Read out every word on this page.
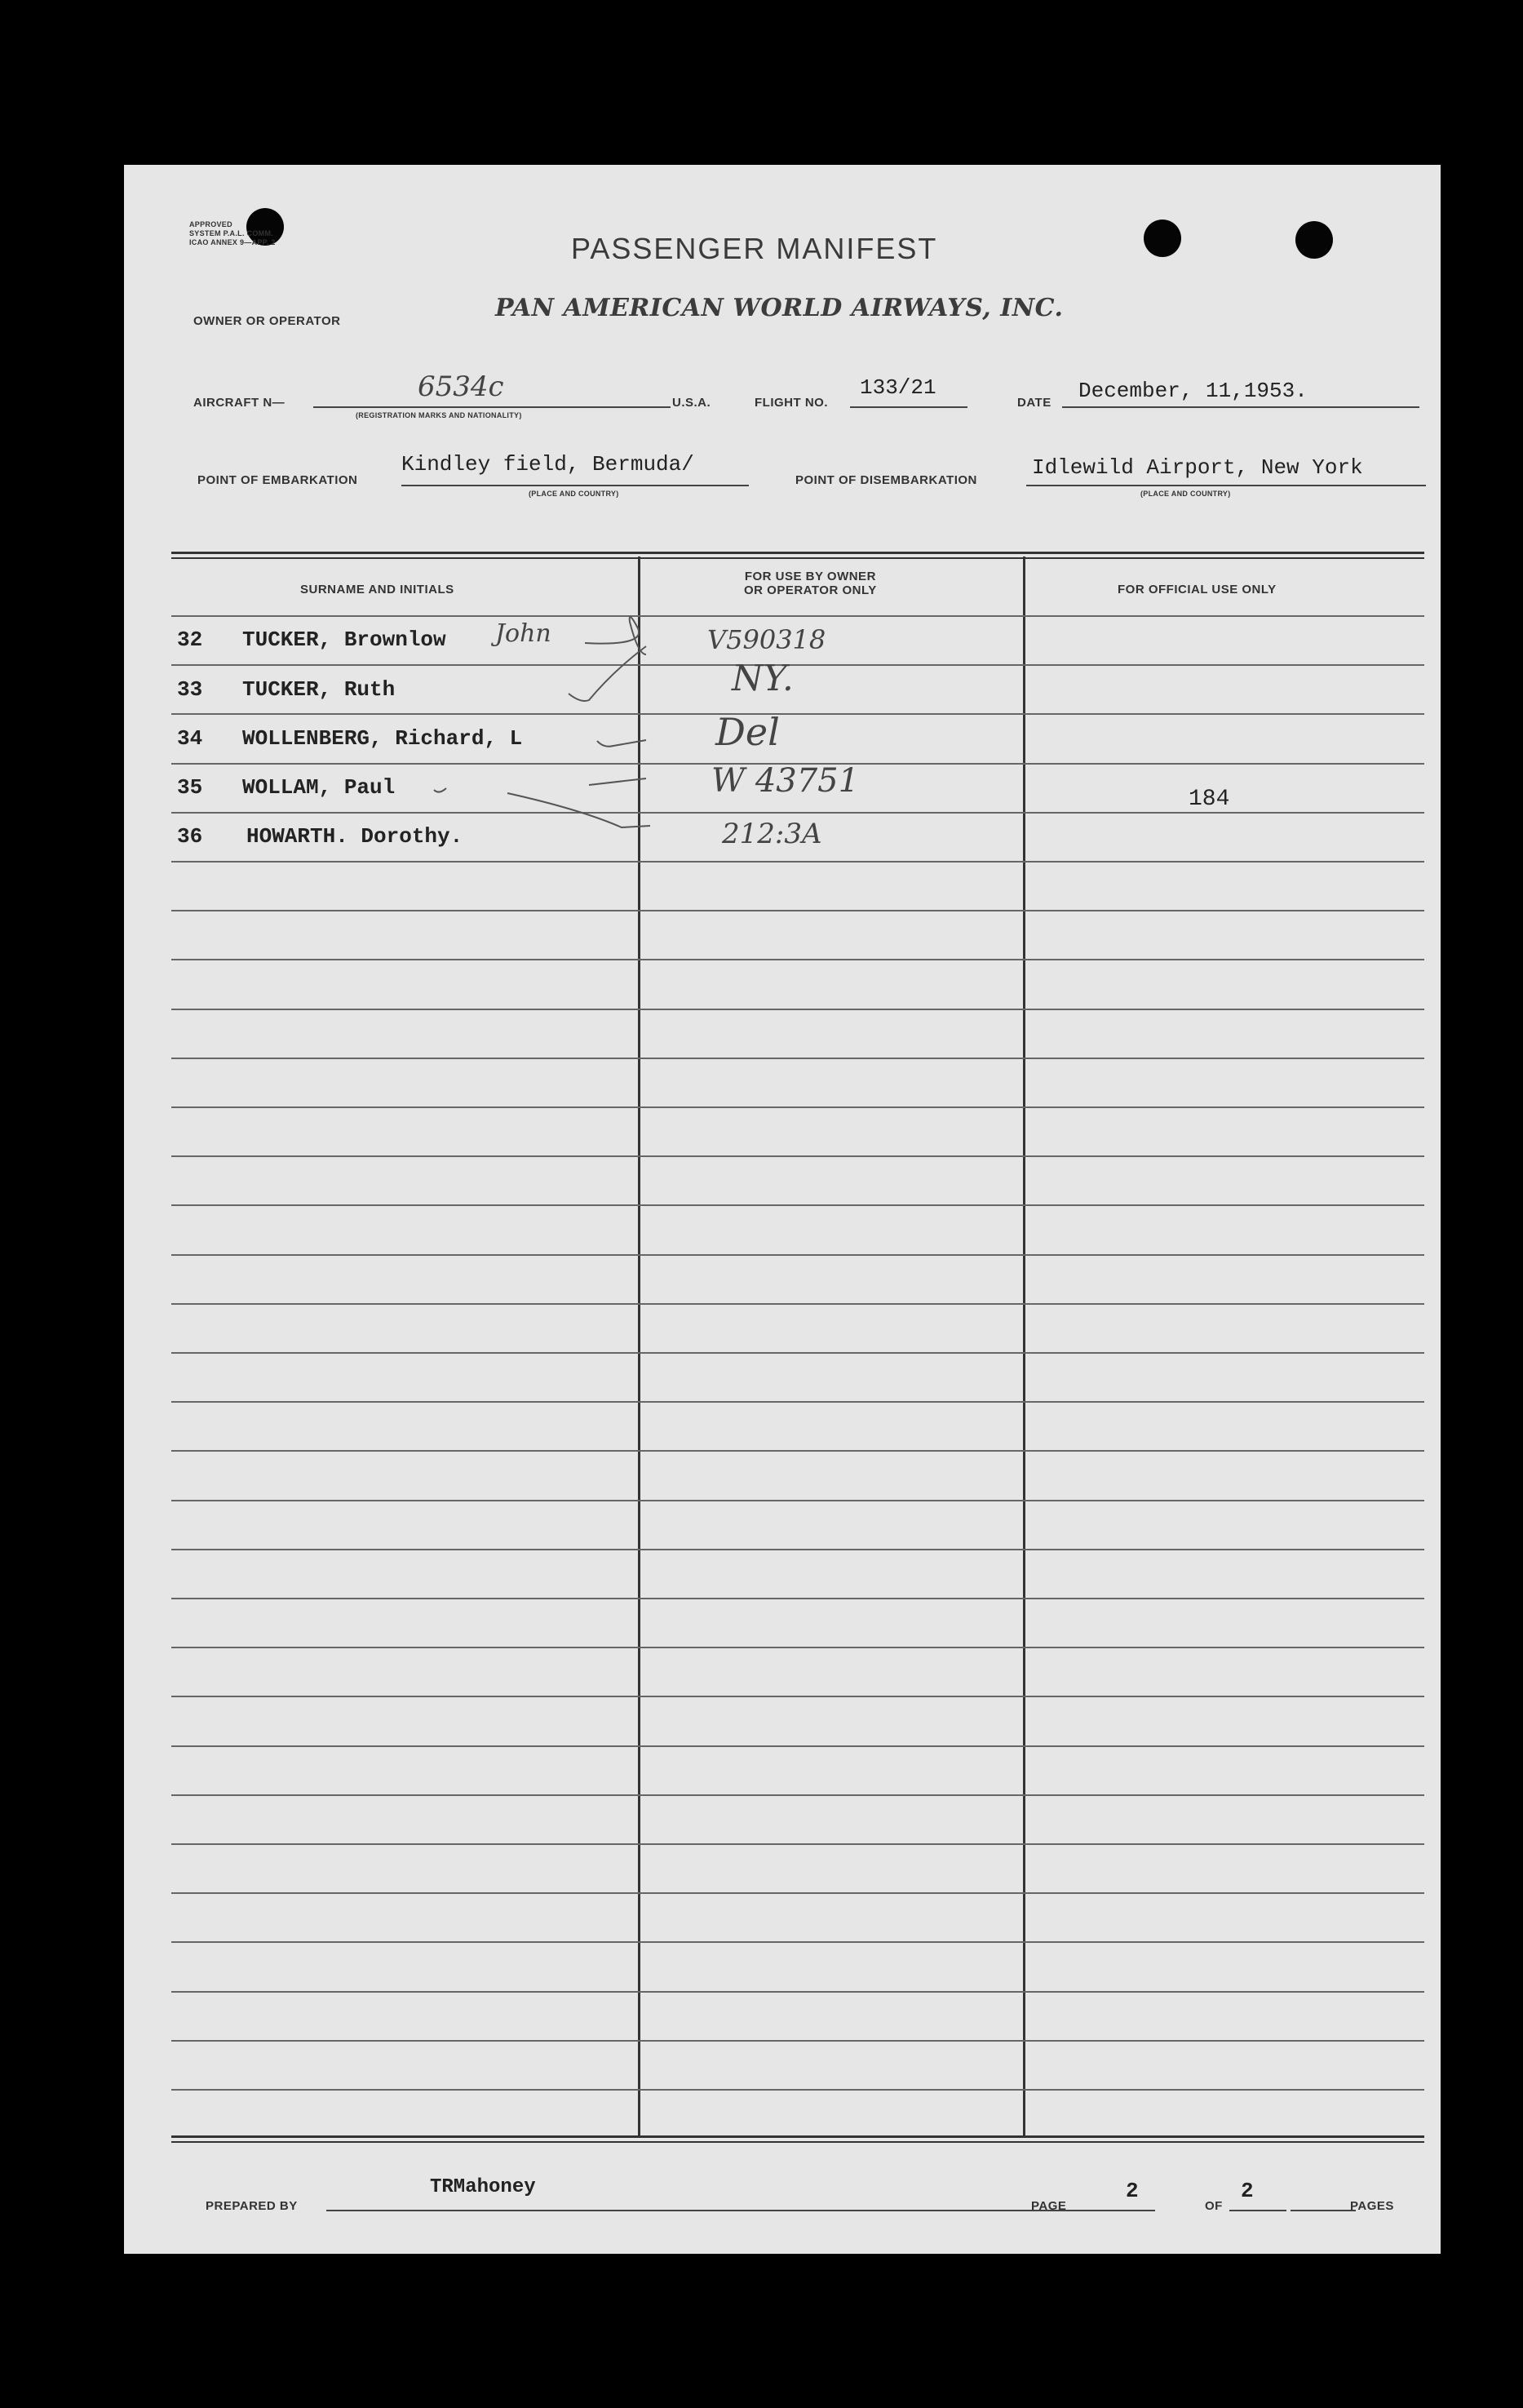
APPROVED
SYSTEM P.A.L. COMM.
ICAO ANNEX 9—APP. 2	PASSENGER MANIFEST
OWNER OR OPERATOR	PAN AMERICAN WORLD AIRWAYS, INC.
AIRCRAFT N—	6534c
(REGISTRATION MARKS AND NATIONALITY)
U.S.A.	FLIGHT NO.
133/21
DATE December, 11,1953.
POINT OF EMBARKATION
Kindley field, Bermuda/
(PLACE AND COUNTRY)
POINT OF DISEMBARKATION
Idlewild Airport, New York
(PLACE AND COUNTRY)
SURNAME AND INITIALS
FOR USE BY OWNER
OR OPERATOR ONLY	FOR OFFICIAL USE ONLY
32	TUCKER, Brownlow John	V590318
33	TUCKER, Ruth	NY.
34	WOLLENBERG, Richard, L	Del
35	WOLLAM, Paul	W 43751	184
36	HOWARTH. Dorothy.	212:3A
PREPARED BY
TRMahoney
PAGE
2
OF
2
PAGES
